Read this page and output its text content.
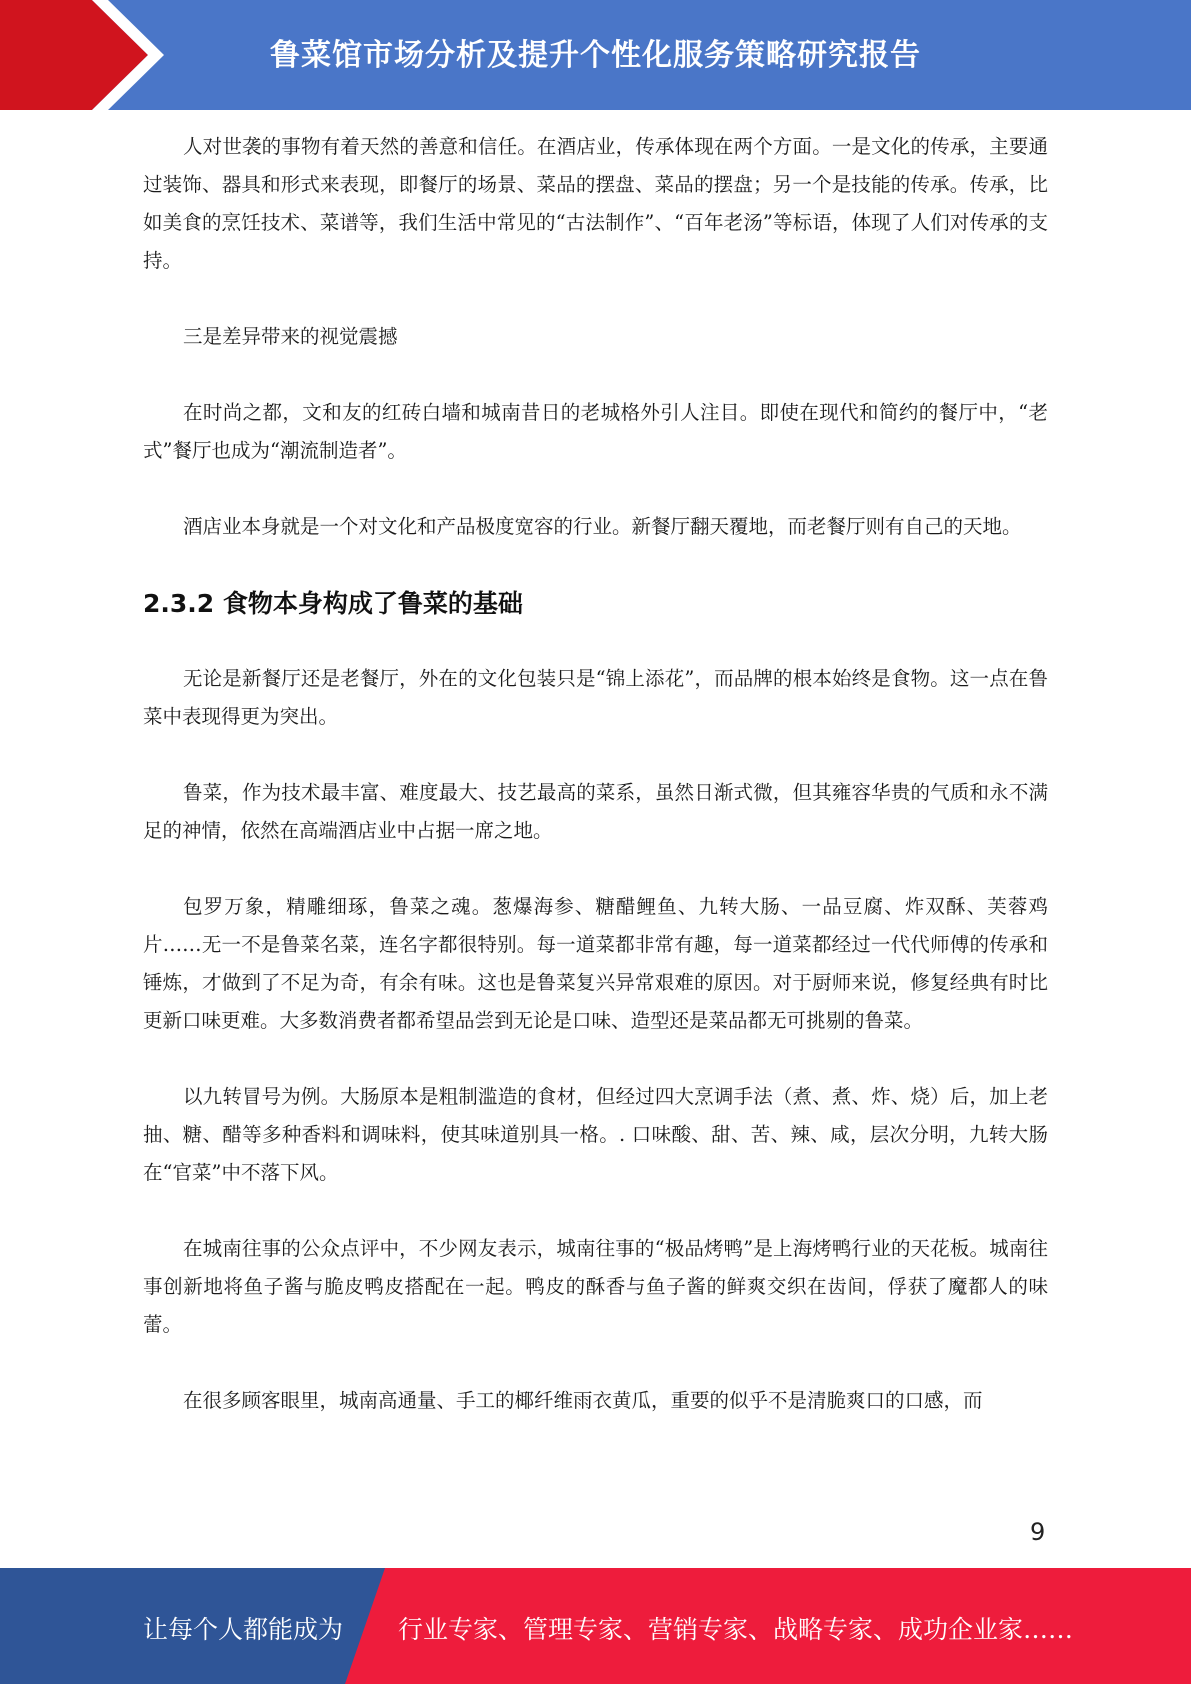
鲁菜馆市场分析及提升个性化服务策略研究报告

人对世袭的事物有着天然的善意和信任。在酒店业，传承体现在两个方面。一是文化的传承，主要通过装饰、器具和形式来表现，即餐厅的场景、菜品的摆盘、菜品的摆盘；另一个是技能的传承。传承，比如美食的烹饪技术、菜谱等，我们生活中常见的“古法制作”、“百年老汤”等标语，体现了人们对传承的支持。

三是差异带来的视觉震撼

在时尚之都，文和友的红砖白墙和城南昔日的老城格外引人注目。即使在现代和简约的餐厅中，“老式”餐厅也成为“潮流制造者”。

酒店业本身就是一个对文化和产品极度宽容的行业。新餐厅翻天覆地，而老餐厅则有自己的天地。

2.3.2 食物本身构成了鲁菜的基础

无论是新餐厅还是老餐厅，外在的文化包装只是“锦上添花”，而品牌的根本始终是食物。这一点在鲁菜中表现得更为突出。

鲁菜，作为技术最丰富、难度最大、技艺最高的菜系，虽然日渐式微，但其雍容华贵的气质和永不满足的神情，依然在高端酒店业中占据一席之地。

包罗万象，精雕细琢，鲁菜之魂。葱爆海参、糖醋鲤鱼、九转大肠、一品豆腐、炸双酥、芙蓉鸡片……无一不是鲁菜名菜，连名字都很特别。每一道菜都非常有趣，每一道菜都经过一代代师傅的传承和锤炼，才做到了不足为奇，有余有味。这也是鲁菜复兴异常艰难的原因。对于厨师来说，修复经典有时比更新口味更难。大多数消费者都希望品尝到无论是口味、造型还是菜品都无可挑剔的鲁菜。

以九转冒号为例。大肠原本是粗制滥造的食材，但经过四大烹调手法（煮、煮、炸、烧）后，加上老抽、糖、醋等多种香料和调味料，使其味道别具一格。. 口味酸、甜、苦、辣、咸，层次分明，九转大肠在“官菜”中不落下风。

在城南往事的公众点评中，不少网友表示，城南往事的“极品烤鸭”是上海烤鸭行业的天花板。城南往事创新地将鱼子酱与脆皮鸭皮搭配在一起。鸭皮的酥香与鱼子酱的鲜爽交织在齿间，俘获了魔都人的味蕾。

在很多顾客眼里，城南高通量、手工的椰纤维雨衣黄瓜，重要的似乎不是清脆爽口的口感，而

9
让每个人都能成为 行业专家、管理专家、营销专家、战略专家、成功企业家……
